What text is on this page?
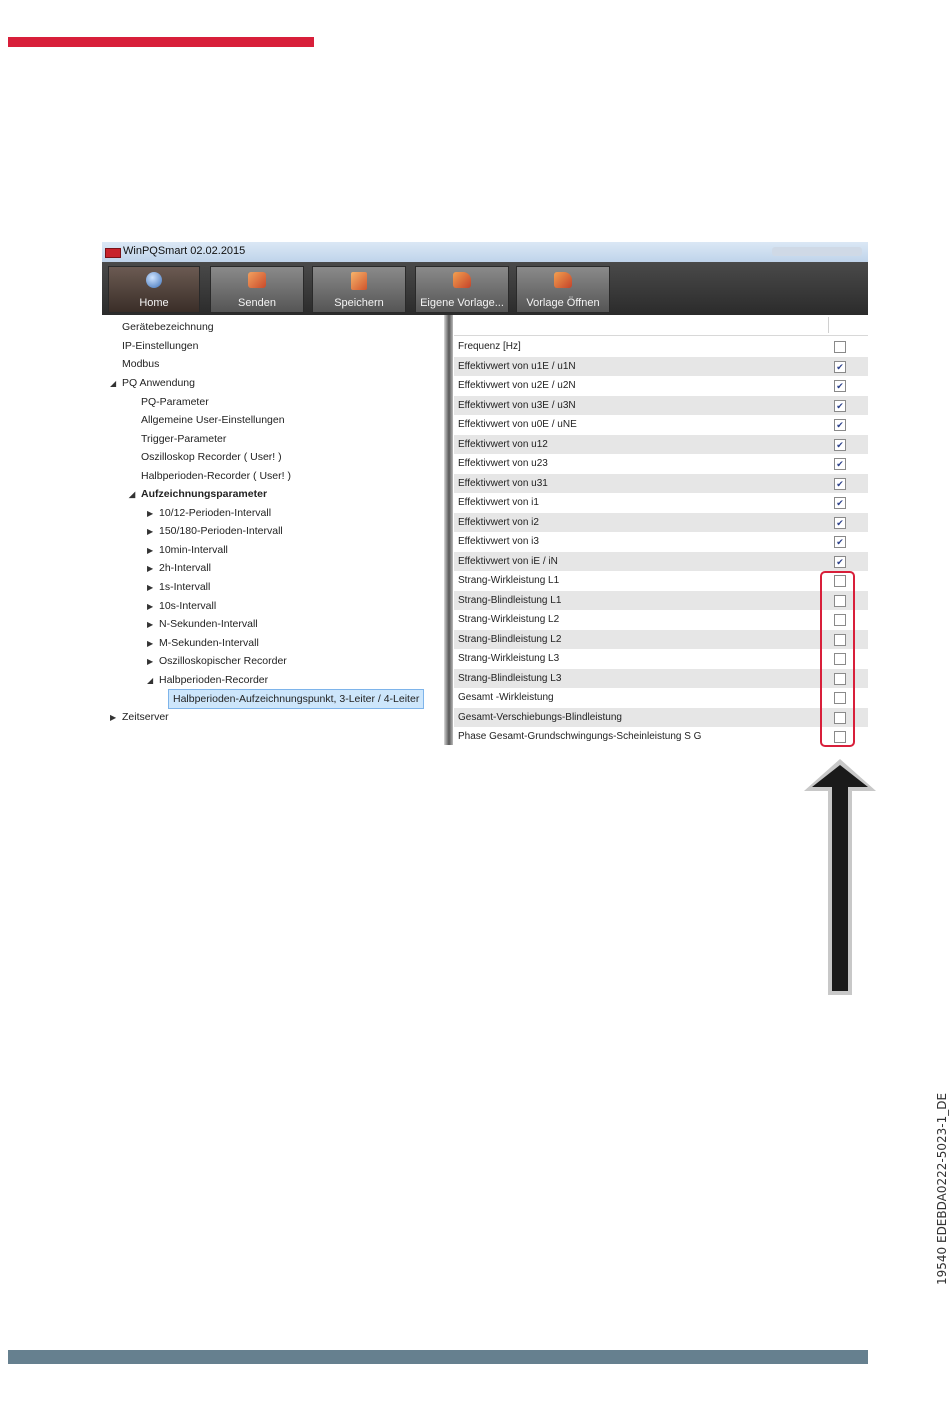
WinPQSmart 02.02.2015
Home	Senden	Speichern	Eigene Vorlage...	Vorlage Öffnen
Gerätebezeichnung
IP-Einstellungen
Modbus
◢ PQ Anwendung
PQ-Parameter
Allgemeine User-Einstellungen
Trigger-Parameter
Oszilloskop Recorder ( User! )
Halbperioden-Recorder ( User! )
◢ Aufzeichnungsparameter
▶ 10/12-Perioden-Intervall
▶ 150/180-Perioden-Intervall
▶ 10min-Intervall
▶ 2h-Intervall
▶ 1s-Intervall
▶ 10s-Intervall
▶ N-Sekunden-Intervall
▶ M-Sekunden-Intervall
▶ Oszilloskopischer Recorder
◢ Halbperioden-Recorder
Halbperioden-Aufzeichnungspunkt, 3-Leiter / 4-Leiter
▶ Zeitserver
Frequenz [Hz]
Effektivwert von u1E / u1N	✔
Effektivwert von u2E / u2N	✔
Effektivwert von u3E / u3N	✔
Effektivwert von u0E / uNE	✔
Effektivwert von u12	✔
Effektivwert von u23	✔
Effektivwert von u31	✔
Effektivwert von i1	✔
Effektivwert von i2	✔
Effektivwert von i3	✔
Effektivwert von iE / iN	✔
Strang-Wirkleistung L1
Strang-Blindleistung L1
Strang-Wirkleistung L2
Strang-Blindleistung L2
Strang-Wirkleistung L3
Strang-Blindleistung L3
Gesamt -Wirkleistung
Gesamt-Verschiebungs-Blindleistung
Phase Gesamt-Grundschwingungs-Scheinleistung S G
19540 EDEBDA0222-5023-1_DE
